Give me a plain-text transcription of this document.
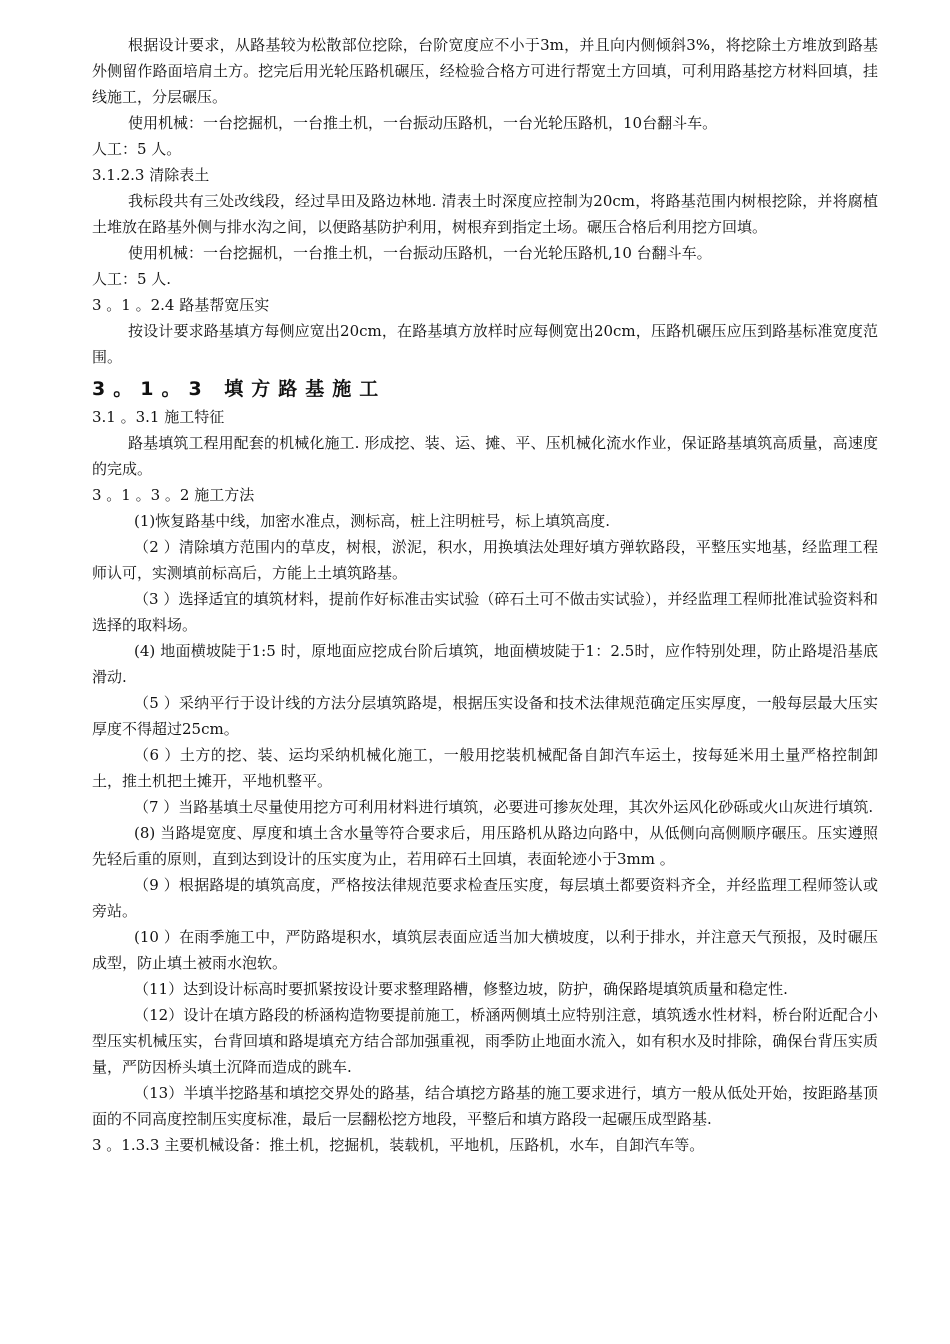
根据设计要求，从路基较为松散部位挖除，台阶宽度应不小于3m，并且向内侧倾斜3%，将挖除土方堆放到路基外侧留作路面培肩土方。挖完后用光轮压路机碾压，经检验合格方可进行帮宽土方回填，可利用路基挖方材料回填，挂线施工，分层碾压。

使用机械：一台挖掘机，一台推土机，一台振动压路机，一台光轮压路机，10台翻斗车。

人工：5 人。

3.1.2.3 清除表土

我标段共有三处改线段，经过旱田及路边林地. 清表土时深度应控制为20cm，将路基范围内树根挖除，并将腐植土堆放在路基外侧与排水沟之间，以便路基防护利用，树根弃到指定土场。碾压合格后利用挖方回填。

使用机械：一台挖掘机，一台推土机，一台振动压路机，一台光轮压路机,10 台翻斗车。

人工：5 人.

3 。1 。2.4 路基帮宽压实

按设计要求路基填方每侧应宽出20cm，在路基填方放样时应每侧宽出20cm，压路机碾压应压到路基标准宽度范围。

3。1。3 填方路基施工

3.1 。3.1 施工特征

路基填筑工程用配套的机械化施工. 形成挖、装、运、摊、平、压机械化流水作业，保证路基填筑高质量，高速度的完成。

3 。1 。3 。2 施工方法

(1)恢复路基中线，加密水准点，测标高，桩上注明桩号，标上填筑高度.

（2 ）清除填方范围内的草皮，树根，淤泥，积水，用换填法处理好填方弹软路段，平整压实地基，经监理工程师认可，实测填前标高后，方能上土填筑路基。

（3 ）选择适宜的填筑材料，提前作好标准击实试验（碎石土可不做击实试验），并经监理工程师批准试验资料和选择的取料场。

(4) 地面横坡陡于1:5 时，原地面应挖成台阶后填筑，地面横坡陡于1：2.5时，应作特别处理，防止路堤沿基底滑动.

（5 ）采纳平行于设计线的方法分层填筑路堤，根据压实设备和技术法律规范确定压实厚度，一般每层最大压实厚度不得超过25cm。

（6 ）土方的挖、装、运均采纳机械化施工，一般用挖装机械配备自卸汽车运土，按每延米用土量严格控制卸土，推土机把土摊开，平地机整平。

（7 ）当路基填土尽量使用挖方可利用材料进行填筑，必要进可掺灰处理，其次外运风化砂砾或火山灰进行填筑.

(8) 当路堤宽度、厚度和填土含水量等符合要求后，用压路机从路边向路中，从低侧向高侧顺序碾压。压实遵照先轻后重的原则，直到达到设计的压实度为止，若用碎石土回填，表面轮迹小于3mm 。

（9 ）根据路堤的填筑高度，严格按法律规范要求检查压实度，每层填土都要资料齐全，并经监理工程师签认或旁站。

(10 ）在雨季施工中，严防路堤积水，填筑层表面应适当加大横坡度，以利于排水，并注意天气预报，及时碾压成型，防止填土被雨水泡软。

（11）达到设计标高时要抓紧按设计要求整理路槽，修整边坡，防护，确保路堤填筑质量和稳定性.

（12）设计在填方路段的桥涵构造物要提前施工，桥涵两侧填土应特别注意，填筑透水性材料，桥台附近配合小型压实机械压实，台背回填和路堤填充方结合部加强重视，雨季防止地面水流入，如有积水及时排除，确保台背压实质量，严防因桥头填土沉降而造成的跳车.

（13）半填半挖路基和填挖交界处的路基，结合填挖方路基的施工要求进行，填方一般从低处开始，按距路基顶面的不同高度控制压实度标准，最后一层翻松挖方地段，平整后和填方路段一起碾压成型路基.

3 。1.3.3 主要机械设备：推土机，挖掘机，装载机，平地机，压路机，水车，自卸汽车等。
